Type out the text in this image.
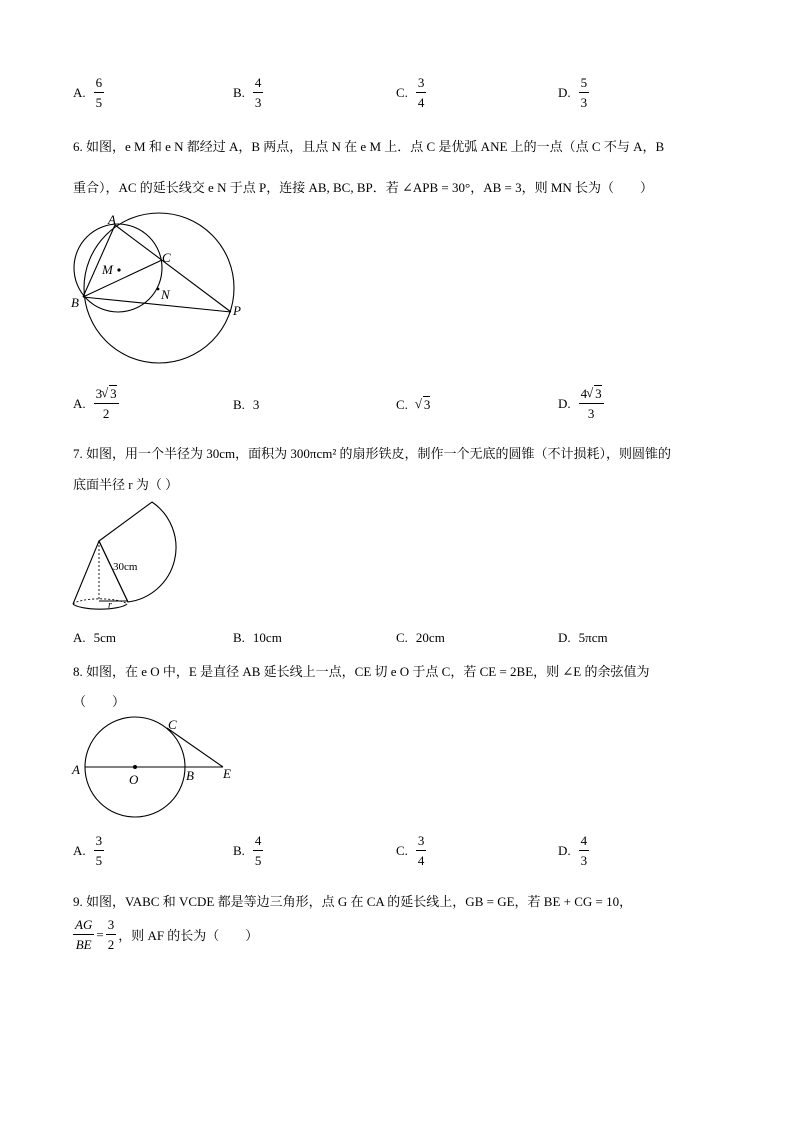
A. $\frac{6}{5}$	B. $\frac{4}{3}$	C. $\frac{3}{4}$	D. $\frac{5}{3}$
6. 如图，e M 和 e N 都经过 A，B 两点，且点 N 在 e M 上．点 C 是优弧 ANE 上的一点（点 C 不与 A，B
重合），AC 的延长线交 e N 于点 P，连接 AB, BC, BP．若 ∠APB = 30°，AB = 3，则 MN 长为（　　）
A
B
C
M
N
P
A. $\frac{3 √ 3}{2}$	B. 3	C.	√ 3	D. $\frac{4 √ 3}{3}$
7. 如图，用一个半径为 30cm，面积为 300πcm² 的扇形铁皮，制作一个无底的圆锥（不计损耗），则圆锥的
底面半径 r 为（ ）
30cm
r
A. 5cm	B. 10cm	C. 20cm	D. 5πcm
8. 如图，在 e O 中，E 是直径 AB 延长线上一点，CE 切 e O 于点 C，若 CE = 2BE，则 ∠E 的余弦值为
（　　）
A
O	B E
C
A. $\frac{3}{5}$	B. $\frac{4}{5}$	C. $\frac{3}{4}$	D. $\frac{4}{3}$
9. 如图，VABC 和 VCDE 都是等边三角形，点 G 在 CA 的延长线上，GB = GE，若 BE + CG = 10，
$\frac{AG}{BE} = \frac{3}{2}$ ，则 AF 的长为（　　）
